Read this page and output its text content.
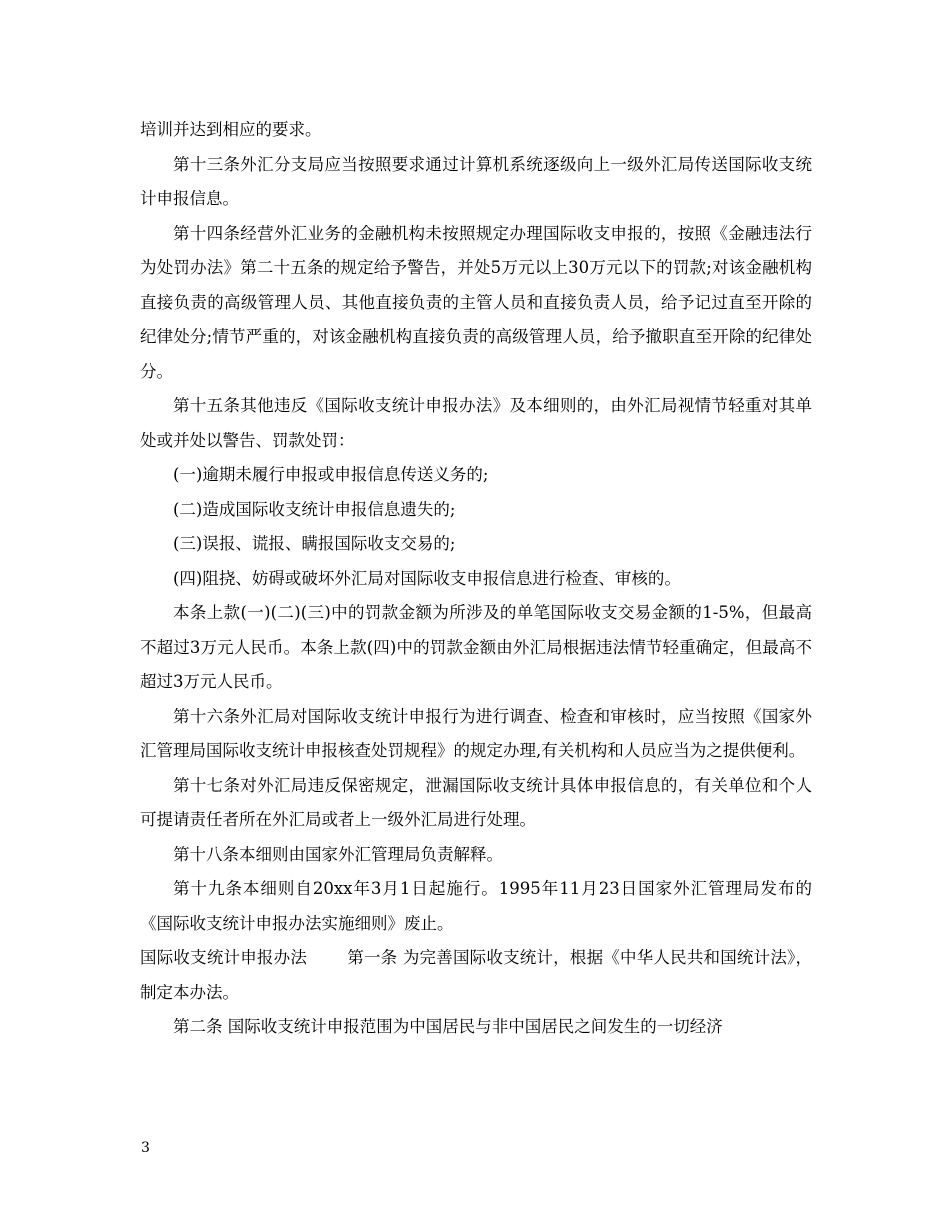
培训并达到相应的要求。

第十三条外汇分支局应当按照要求通过计算机系统逐级向上一级外汇局传送国际收支统计申报信息。

第十四条经营外汇业务的金融机构未按照规定办理国际收支申报的，按照《金融违法行为处罚办法》第二十五条的规定给予警告，并处5万元以上30万元以下的罚款;对该金融机构直接负责的高级管理人员、其他直接负责的主管人员和直接负责人员，给予记过直至开除的纪律处分;情节严重的，对该金融机构直接负责的高级管理人员，给予撤职直至开除的纪律处分。

第十五条其他违反《国际收支统计申报办法》及本细则的，由外汇局视情节轻重对其单处或并处以警告、罚款处罚：

(一)逾期未履行申报或申报信息传送义务的;

(二)造成国际收支统计申报信息遗失的;

(三)误报、谎报、瞒报国际收支交易的;

(四)阻挠、妨碍或破坏外汇局对国际收支申报信息进行检查、审核的。

本条上款(一)(二)(三)中的罚款金额为所涉及的单笔国际收支交易金额的1-5%，但最高不超过3万元人民币。本条上款(四)中的罚款金额由外汇局根据违法情节轻重确定，但最高不超过3万元人民币。

第十六条外汇局对国际收支统计申报行为进行调查、检查和审核时，应当按照《国家外汇管理局国际收支统计申报核查处罚规程》的规定办理,有关机构和人员应当为之提供便利。

第十七条对外汇局违反保密规定，泄漏国际收支统计具体申报信息的，有关单位和个人可提请责任者所在外汇局或者上一级外汇局进行处理。

第十八条本细则由国家外汇管理局负责解释。

第十九条本细则自20xx年3月1日起施行。1995年11月23日国家外汇管理局发布的《国际收支统计申报办法实施细则》废止。

国际收支统计申报办法 第一条 为完善国际收支统计，根据《中华人民共和国统计法》，制定本办法。

第二条 国际收支统计申报范围为中国居民与非中国居民之间发生的一切经济

3
